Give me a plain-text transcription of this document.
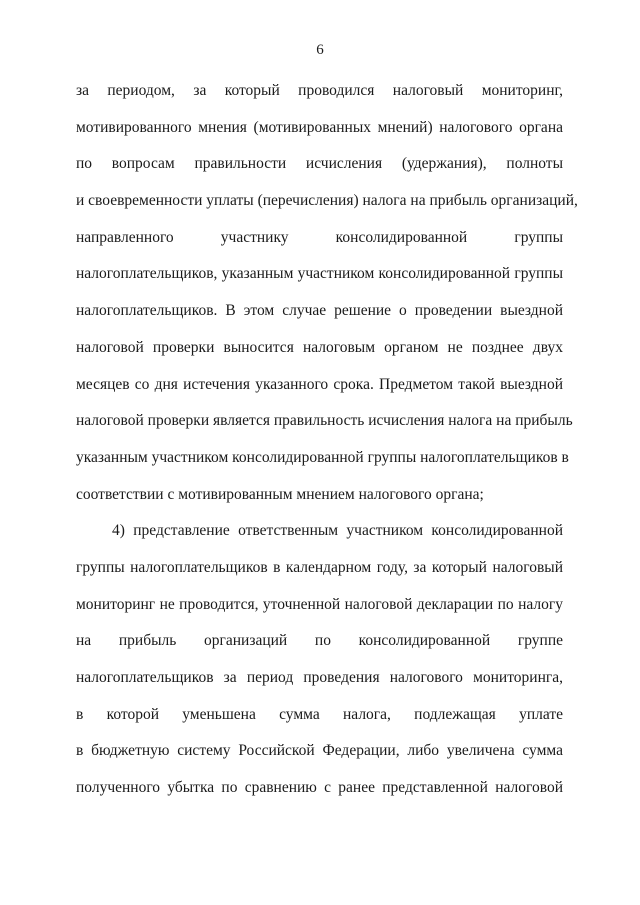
6
за периодом, за который проводился налоговый мониторинг,
мотивированного мнения (мотивированных мнений) налогового органа
по вопросам правильности исчисления (удержания), полноты
и своевременности уплаты (перечисления) налога на прибыль организаций,
направленного участнику консолидированной группы
налогоплательщиков, указанным участником консолидированной группы
налогоплательщиков. В этом случае решение о проведении выездной
налоговой проверки выносится налоговым органом не позднее двух
месяцев со дня истечения указанного срока. Предметом такой выездной
налоговой проверки является правильность исчисления налога на прибыль
указанным участником консолидированной группы налогоплательщиков в
соответствии с мотивированным мнением налогового органа;
4) представление ответственным участником консолидированной
группы налогоплательщиков в календарном году, за который налоговый
мониторинг не проводится, уточненной налоговой декларации по налогу
на прибыль организаций по консолидированной группе
налогоплательщиков за период проведения налогового мониторинга,
в которой уменьшена сумма налога, подлежащая уплате
в бюджетную систему Российской Федерации, либо увеличена сумма
полученного убытка по сравнению с ранее представленной налоговой
